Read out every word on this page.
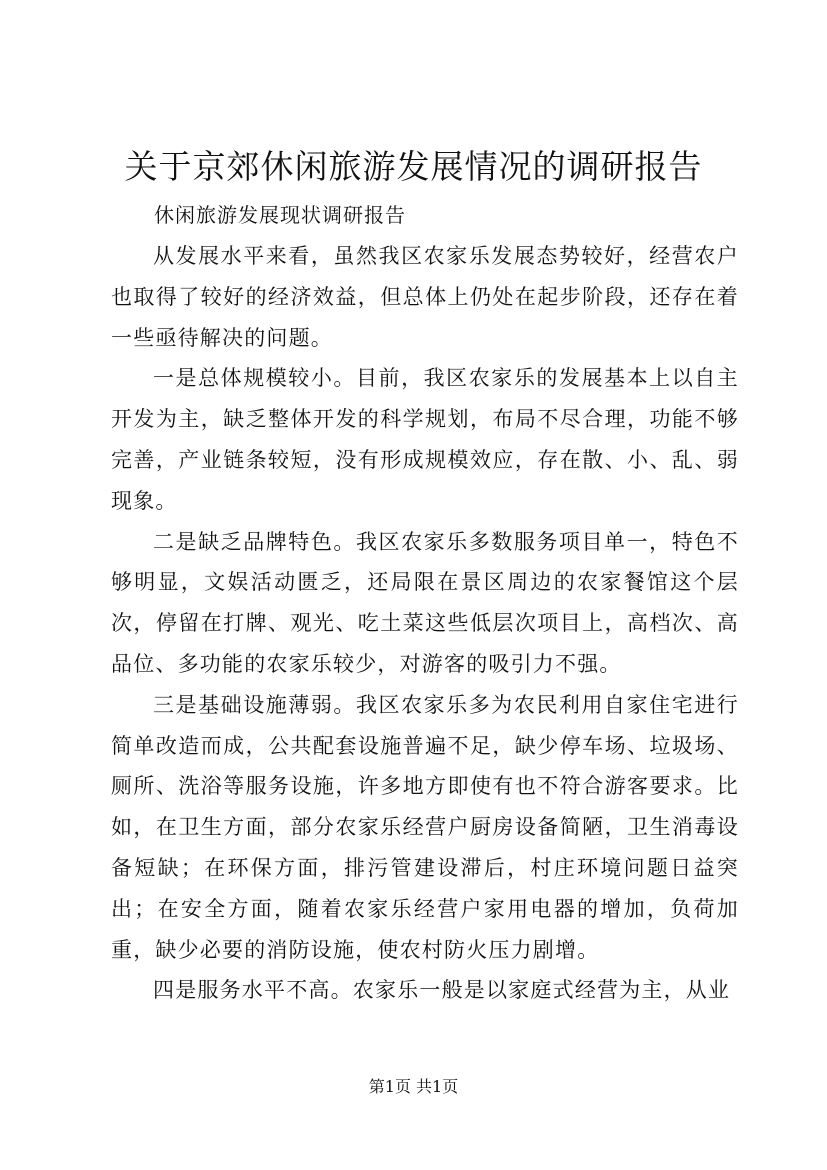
关于京郊休闲旅游发展情况的调研报告

休闲旅游发展现状调研报告

从发展水平来看，虽然我区农家乐发展态势较好，经营农户也取得了较好的经济效益，但总体上仍处在起步阶段，还存在着一些亟待解决的问题。

一是总体规模较小。目前，我区农家乐的发展基本上以自主开发为主，缺乏整体开发的科学规划，布局不尽合理，功能不够完善，产业链条较短，没有形成规模效应，存在散、小、乱、弱现象。

二是缺乏品牌特色。我区农家乐多数服务项目单一，特色不够明显，文娱活动匮乏，还局限在景区周边的农家餐馆这个层次，停留在打牌、观光、吃土菜这些低层次项目上，高档次、高品位、多功能的农家乐较少，对游客的吸引力不强。

三是基础设施薄弱。我区农家乐多为农民利用自家住宅进行简单改造而成，公共配套设施普遍不足，缺少停车场、垃圾场、厕所、洗浴等服务设施，许多地方即使有也不符合游客要求。比如，在卫生方面，部分农家乐经营户厨房设备简陋，卫生消毒设备短缺；在环保方面，排污管建设滞后，村庄环境问题日益突出；在安全方面，随着农家乐经营户家用电器的增加，负荷加重，缺少必要的消防设施，使农村防火压力剧增。

四是服务水平不高。农家乐一般是以家庭式经营为主，从业

第1页 共1页
